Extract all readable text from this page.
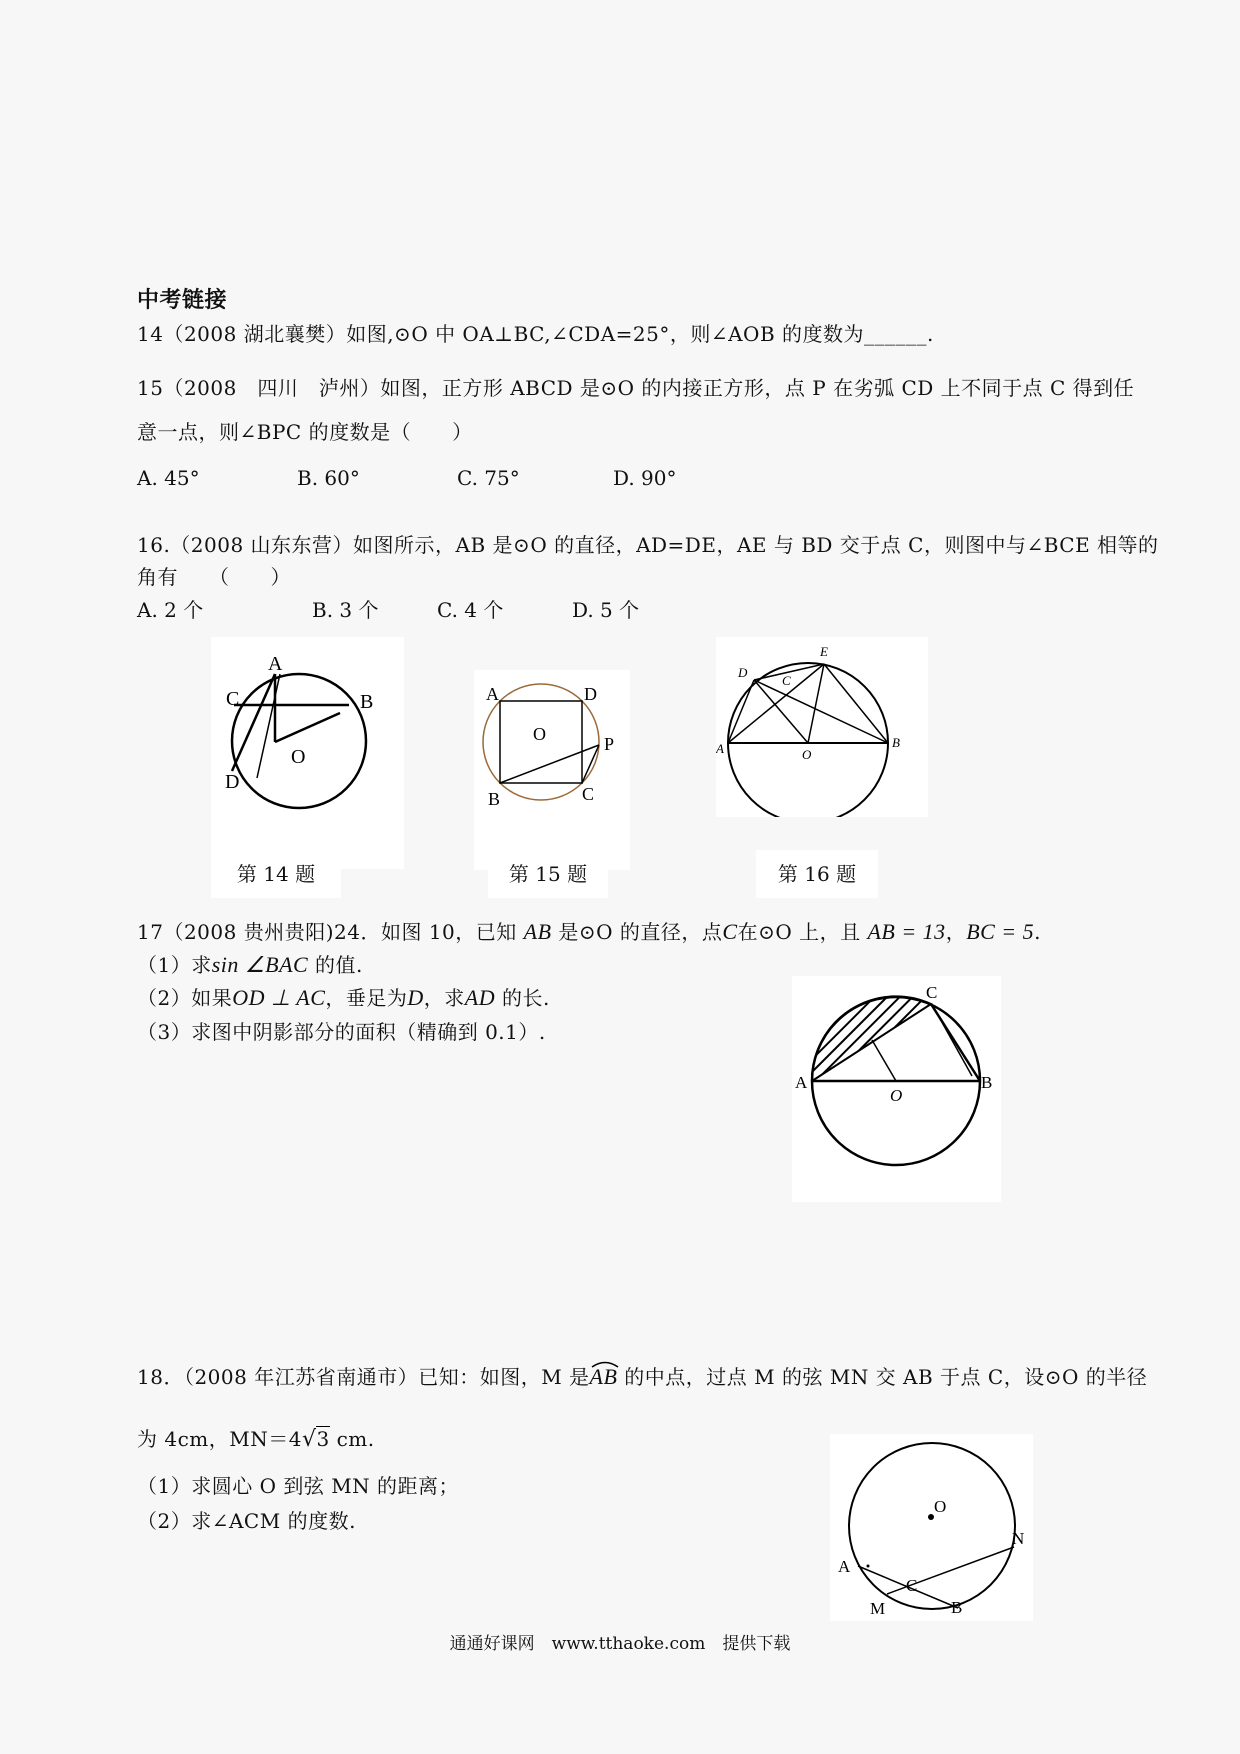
中考链接
14（2008 湖北襄樊）如图,⊙O 中 OA⊥BC,∠CDA=25°，则∠AOB 的度数为______.
15（2008　四川　泸州）如图，正方形 ABCD 是⊙O 的内接正方形，点 P 在劣弧 CD 上不同于点 C 得到任
意一点，则∠BPC 的度数是（　　）
A. 45°	B. 60°	C. 75°	D. 90°
16.（2008 山东东营）如图所示，AB 是⊙O 的直径，AD=DE，AE 与 BD 交于点 C，则图中与∠BCE 相等的
角有　　（　　）
A. 2 个	B. 3 个	C. 4 个	D. 5 个
A
C	B
D
O
第 14 题
A	D
O	P
B	C
第 15 题
D
E
C
A	O
B
第 16 题
17（2008 贵州贵阳)24．如图 10，已知 AB 是⊙O 的直径，点C在⊙O 上，且 AB = 13，BC = 5.
（1）求sin ∠BAC 的值.
（2）如果OD ⊥ AC，垂足为D，求AD 的长.
（3）求图中阴影部分的面积（精确到 0.1）.
A	B
C
O
18．（2008 年江苏省南通市）已知：如图，M 是AB 的中点，过点 M 的弦 MN 交 AB 于点 C，设⊙O 的半径
为 4cm，MN＝4√3 cm.
（1）求圆心 O 到弦 MN 的距离；
（2）求∠ACM 的度数.
O
A
N
C
M	B
通通好课网　www.tthaoke.com　提供下载
